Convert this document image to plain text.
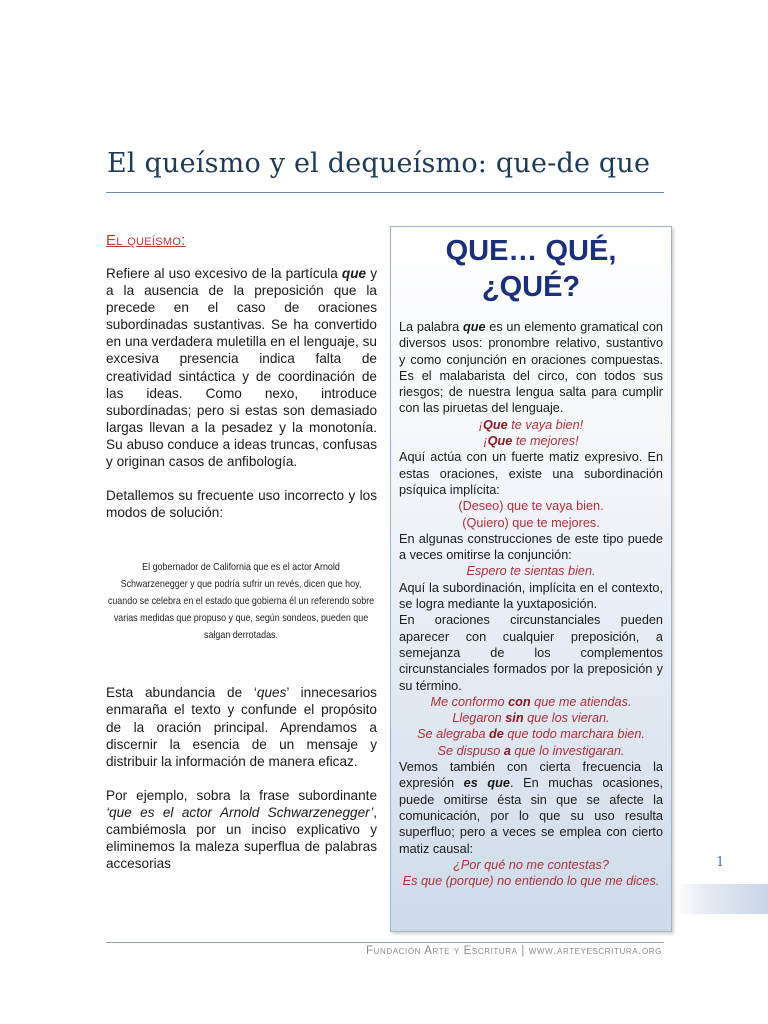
El queísmo y el dequeísmo: que-de que
El queísmo:

Refiere al uso excesivo de la partícula que y a la ausencia de la preposición que la precede en el caso de oraciones subordinadas sustantivas. Se ha convertido en una verdadera muletilla en el lenguaje, su excesiva presencia indica falta de creatividad sintáctica y de coordinación de las ideas. Como nexo, introduce subordinadas; pero si estas son demasiado largas llevan a la pesadez y la monotonía. Su abuso conduce a ideas truncas, confusas y originan casos de anfibología.

Detallemos su frecuente uso incorrecto y los modos de solución:

El gobernador de California que es el actor Arnold Schwarzenegger y que podría sufrir un revés, dicen que hoy, cuando se celebra en el estado que gobierna él un referendo sobre varias medidas que propuso y que, según sondeos, pueden que salgan derrotadas.

Esta abundancia de ‘ques’ innecesarios enmaraña el texto y confunde el propósito de la oración principal. Aprendamos a discernir la esencia de un mensaje y distribuir la información de manera eficaz.

Por ejemplo, sobra la frase subordinante ‘que es el actor Arnold Schwarzenegger’, cambiémosla por un inciso explicativo y eliminemos la maleza superflua de palabras accesorias

QUE… QUÉ,
¿QUÉ?

La palabra que es un elemento gramatical con diversos usos: pronombre relativo, sustantivo y como conjunción en oraciones compuestas. Es el malabarista del circo, con todos sus riesgos; de nuestra lengua salta para cumplir con las piruetas del lenguaje.

¡Que te vaya bien!

¡Que te mejores!

Aquí actúa con un fuerte matiz expresivo. En estas oraciones, existe una subordinación psíquica implícita:

(Deseo) que te vaya bien.

(Quiero) que te mejores.

En algunas construcciones de este tipo puede a veces omitirse la conjunción:

Espero te sientas bien.

Aquí la subordinación, implícita en el contexto, se logra mediante la yuxtaposición.

En oraciones circunstanciales pueden aparecer con cualquier preposición, a semejanza de los complementos circunstanciales formados por la preposición y su término.

Me conformo con que me atiendas.

Llegaron sin que los vieran.

Se alegraba de que todo marchara bien.

Se dispuso a que lo investigaran.

Vemos también con cierta frecuencia la expresión es que. En muchas ocasiones, puede omitirse ésta sin que se afecte la comunicación, por lo que su uso resulta superfluo; pero a veces se emplea con cierto matiz causal:

¿Por qué no me contestas?

Es que (porque) no entiendo lo que me dices.

1
Fundación Arte y Escritura | www.arteyescritura.org
